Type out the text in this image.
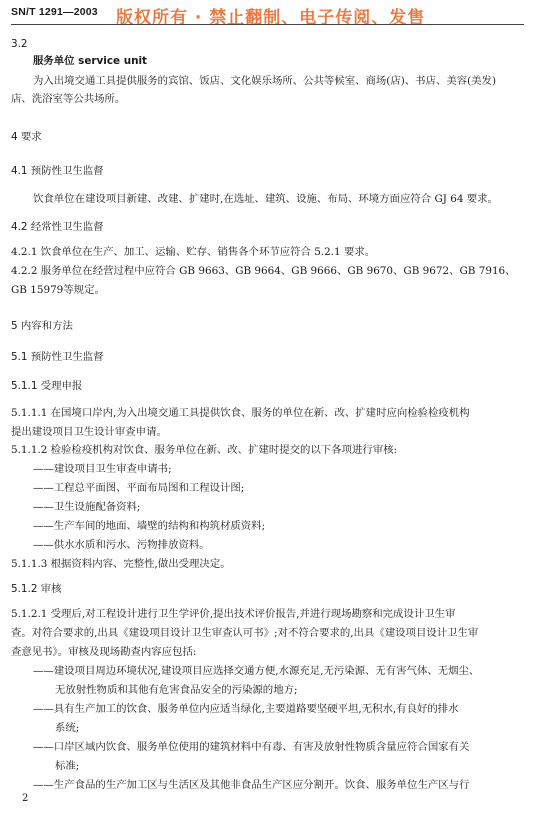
SN/T 1291—2003 版权所有 · 禁止翻制、电子传阅、发售
3.2
服务单位 service unit
为入出境交通工具提供服务的宾馆、饭店、文化娱乐场所、公共等候室、商场(店)、书店、美容(美发)
店、洗浴室等公共场所。
4 要求
4.1 预防性卫生监督
饮食单位在建设项目新建、改建、扩建时,在选址、建筑、设施、布局、环境方面应符合 GJ 64 要求。
4.2 经常性卫生监督
4.2.1 饮食单位在生产、加工、运输、贮存、销售各个环节应符合 5.2.1 要求。
4.2.2 服务单位在经营过程中应符合 GB 9663、GB 9664、GB 9666、GB 9670、GB 9672、GB 7916、
GB 15979等规定。
5 内容和方法
5.1 预防性卫生监督
5.1.1 受理申报
5.1.1.1 在国境口岸内,为入出境交通工具提供饮食、服务的单位在新、改、扩建时应向检验检疫机构
提出建设项目卫生设计审查申请。
5.1.1.2 检验检疫机构对饮食、服务单位在新、改、扩建时提交的以下各项进行审核:
——建设项目卫生审查申请书;
——工程总平面图、平面布局图和工程设计图;
——卫生设施配备资料;
——生产车间的地面、墙壁的结构和构筑材质资料;
——供水水质和污水、污物排放资料。
5.1.1.3 根据资料内容、完整性,做出受理决定。
5.1.2 审核
5.1.2.1 受理后,对工程设计进行卫生学评价,提出技术评价报告,并进行现场勘察和完成设计卫生审
查。对符合要求的,出具《建设项目设计卫生审查认可书》;对不符合要求的,出具《建设项目设计卫生审
查意见书》。审核及现场勘查内容应包括:
——建设项目周边环境状况,建设项目应选择交通方便,水源充足,无污染源、无有害气体、无烟尘、
无放射性物质和其他有危害食品安全的污染源的地方;
——具有生产加工的饮食、服务单位内应适当绿化,主要道路要坚硬平坦,无积水,有良好的排水
系统;
——口岸区域内饮食、服务单位使用的建筑材料中有毒、有害及放射性物质含量应符合国家有关
标准;
——生产食品的生产加工区与生活区及其他非食品生产区应分割开。饮食、服务单位生产区与行
2
